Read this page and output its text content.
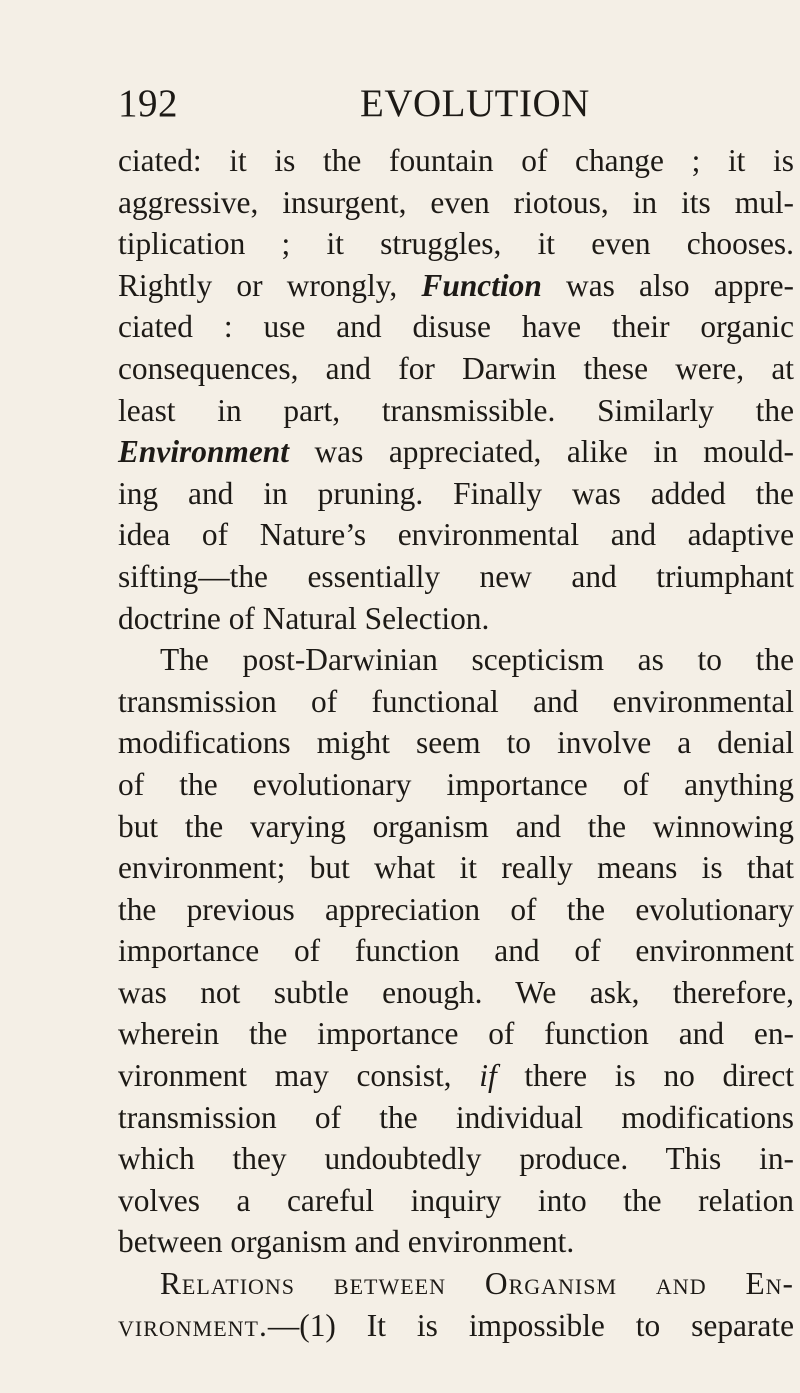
192	EVOLUTION
ciated: it is the fountain of change ; it is
aggressive, insurgent, even riotous, in its mul-
tiplication ; it struggles, it even chooses.
Rightly or wrongly, Function was also appre-
ciated : use and disuse have their organic
consequences, and for Darwin these were, at
least in part, transmissible. Similarly the
Environment was appreciated, alike in mould-
ing and in pruning. Finally was added the
idea of Nature’s environmental and adaptive
sifting—the essentially new and triumphant
doctrine of Natural Selection.
The post-Darwinian scepticism as to the
transmission of functional and environmental
modifications might seem to involve a denial
of the evolutionary importance of anything
but the varying organism and the winnowing
environment; but what it really means is that
the previous appreciation of the evolutionary
importance of function and of environment
was not subtle enough. We ask, therefore,
wherein the importance of function and en-
vironment may consist, if there is no direct
transmission of the individual modifications
which they undoubtedly produce. This in-
volves a careful inquiry into the relation
between organism and environment.
Relations between Organism and En-
vironment.—(1) It is impossible to separate
